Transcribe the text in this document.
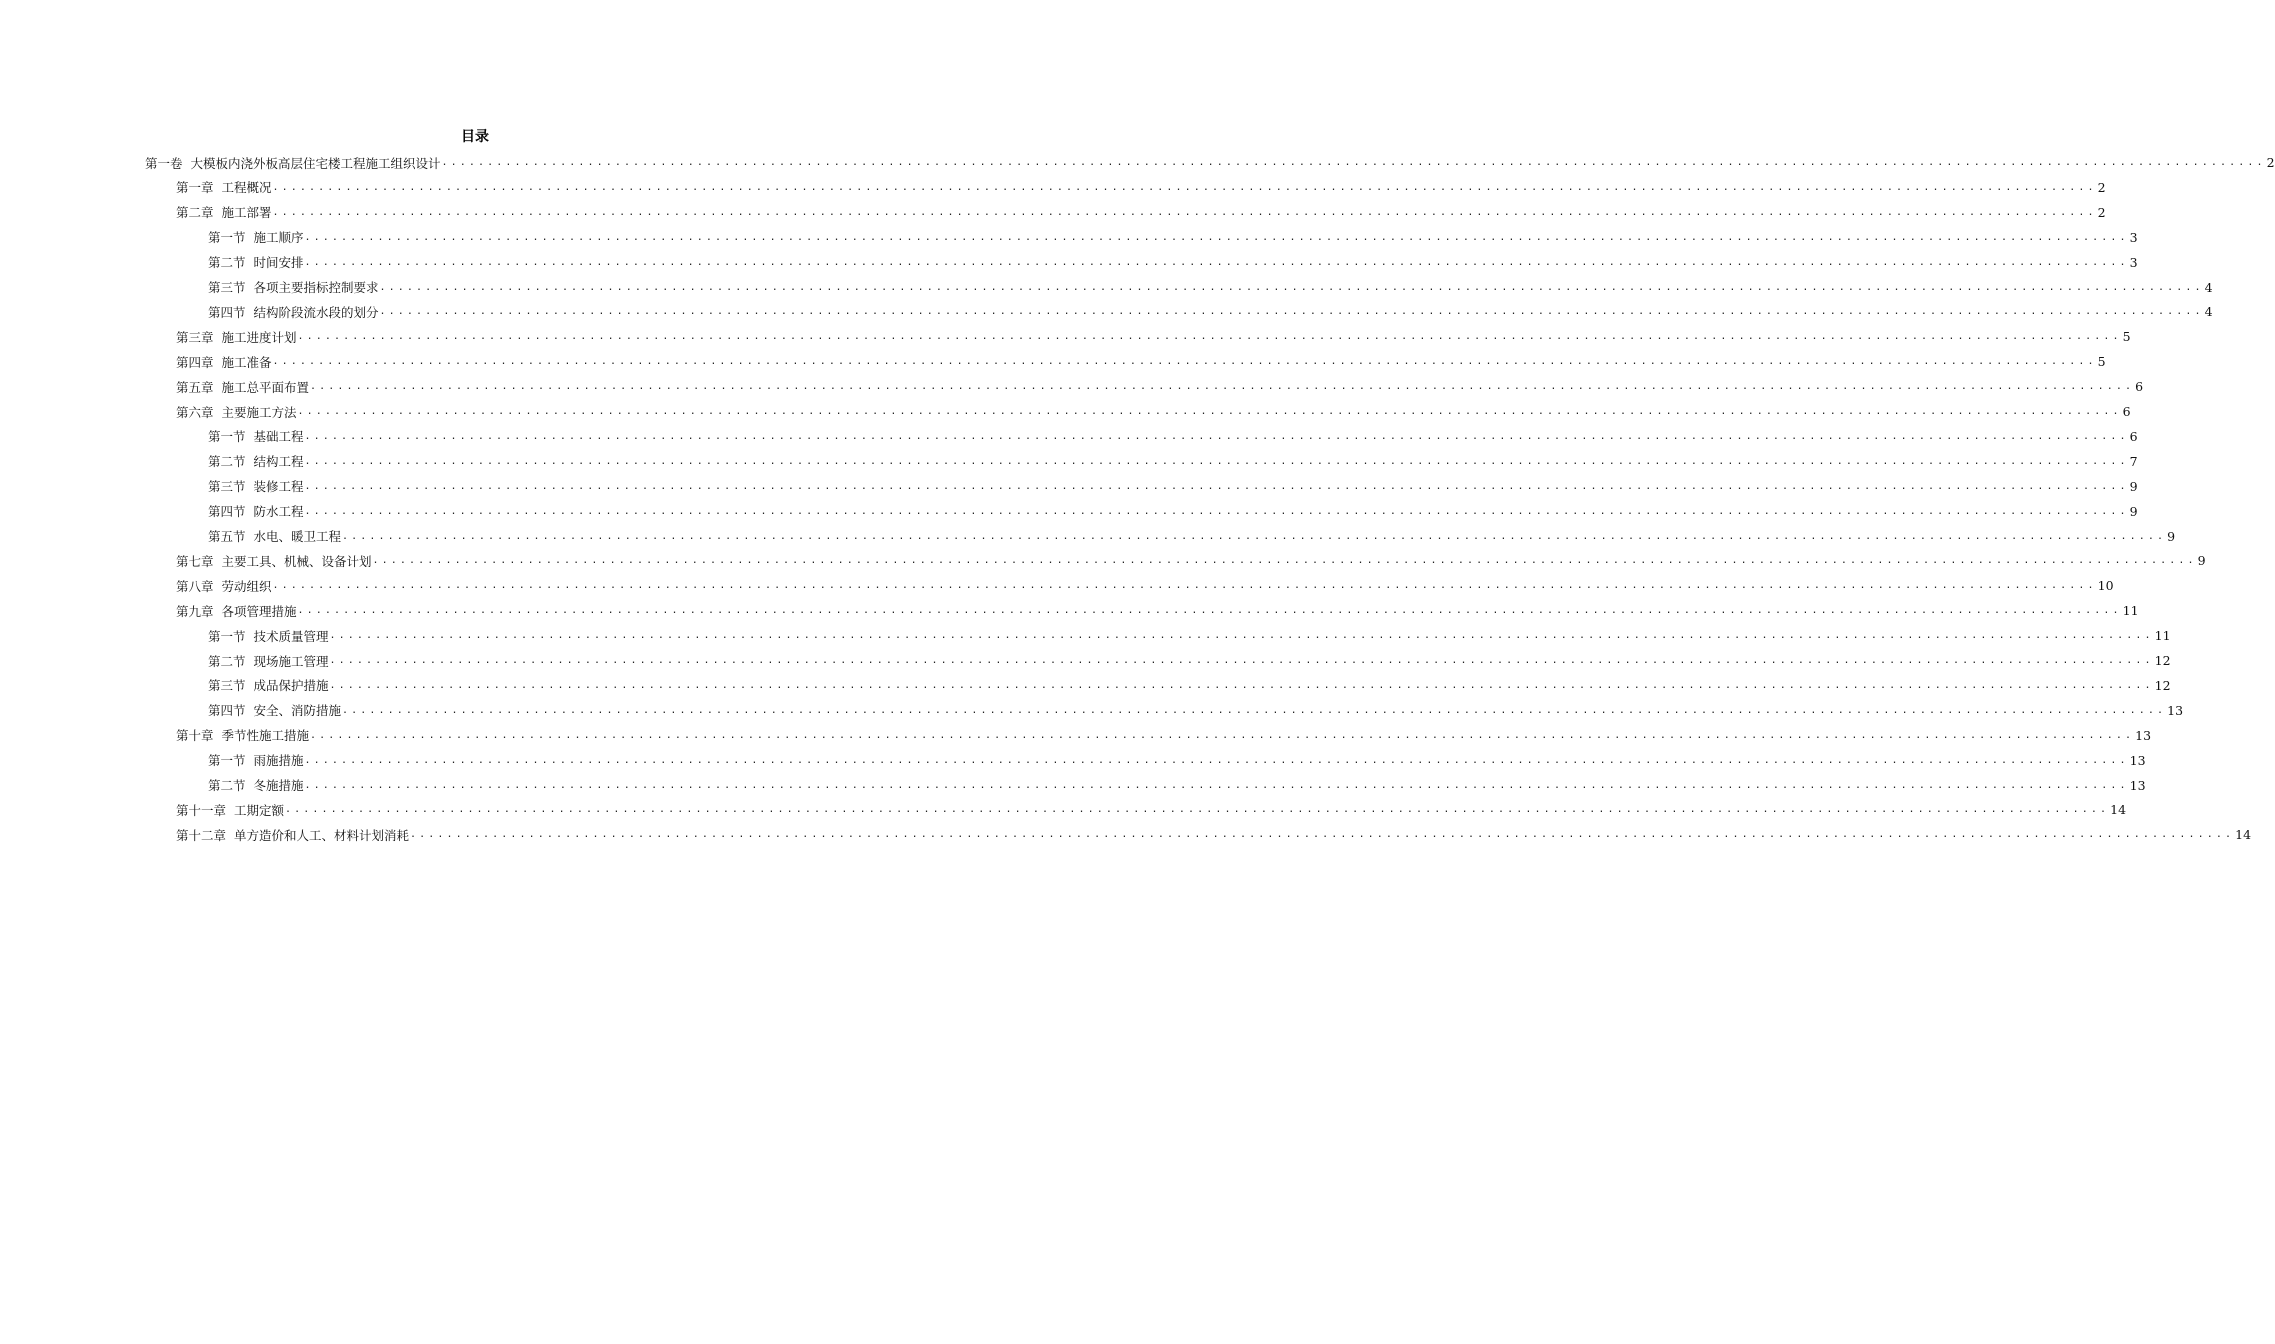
目录
第一卷 大模板内浇外板高层住宅楼工程施工组织设计 ........................................................................................................................................................................................................ 2
第一章 工程概况 ........................................................................................................................................................................................................ 2
第二章 施工部署 ........................................................................................................................................................................................................ 2
第一节 施工顺序 ........................................................................................................................................................................................................ 3
第二节 时间安排 ........................................................................................................................................................................................................ 3
第三节 各项主要指标控制要求 ........................................................................................................................................................................................................ 4
第四节 结构阶段流水段的划分 ........................................................................................................................................................................................................ 4
第三章 施工进度计划 ........................................................................................................................................................................................................ 5
第四章 施工准备 ........................................................................................................................................................................................................ 5
第五章 施工总平面布置 ........................................................................................................................................................................................................ 6
第六章 主要施工方法 ........................................................................................................................................................................................................ 6
第一节 基础工程 ........................................................................................................................................................................................................ 6
第二节 结构工程 ........................................................................................................................................................................................................ 7
第三节 装修工程 ........................................................................................................................................................................................................ 9
第四节 防水工程 ........................................................................................................................................................................................................ 9
第五节 水电、暖卫工程 ........................................................................................................................................................................................................ 9
第七章 主要工具、机械、设备计划 ........................................................................................................................................................................................................ 9
第八章 劳动组织 ........................................................................................................................................................................................................ 10
第九章 各项管理措施 ........................................................................................................................................................................................................ 11
第一节 技术质量管理 ........................................................................................................................................................................................................ 11
第二节 现场施工管理 ........................................................................................................................................................................................................ 12
第三节 成品保护措施 ........................................................................................................................................................................................................ 12
第四节 安全、消防措施 ........................................................................................................................................................................................................ 13
第十章 季节性施工措施 ........................................................................................................................................................................................................ 13
第一节 雨施措施 ........................................................................................................................................................................................................ 13
第二节 冬施措施 ........................................................................................................................................................................................................ 13
第十一章 工期定额 ........................................................................................................................................................................................................ 14
第十二章 单方造价和人工、材料计划消耗 ........................................................................................................................................................................................................ 14
